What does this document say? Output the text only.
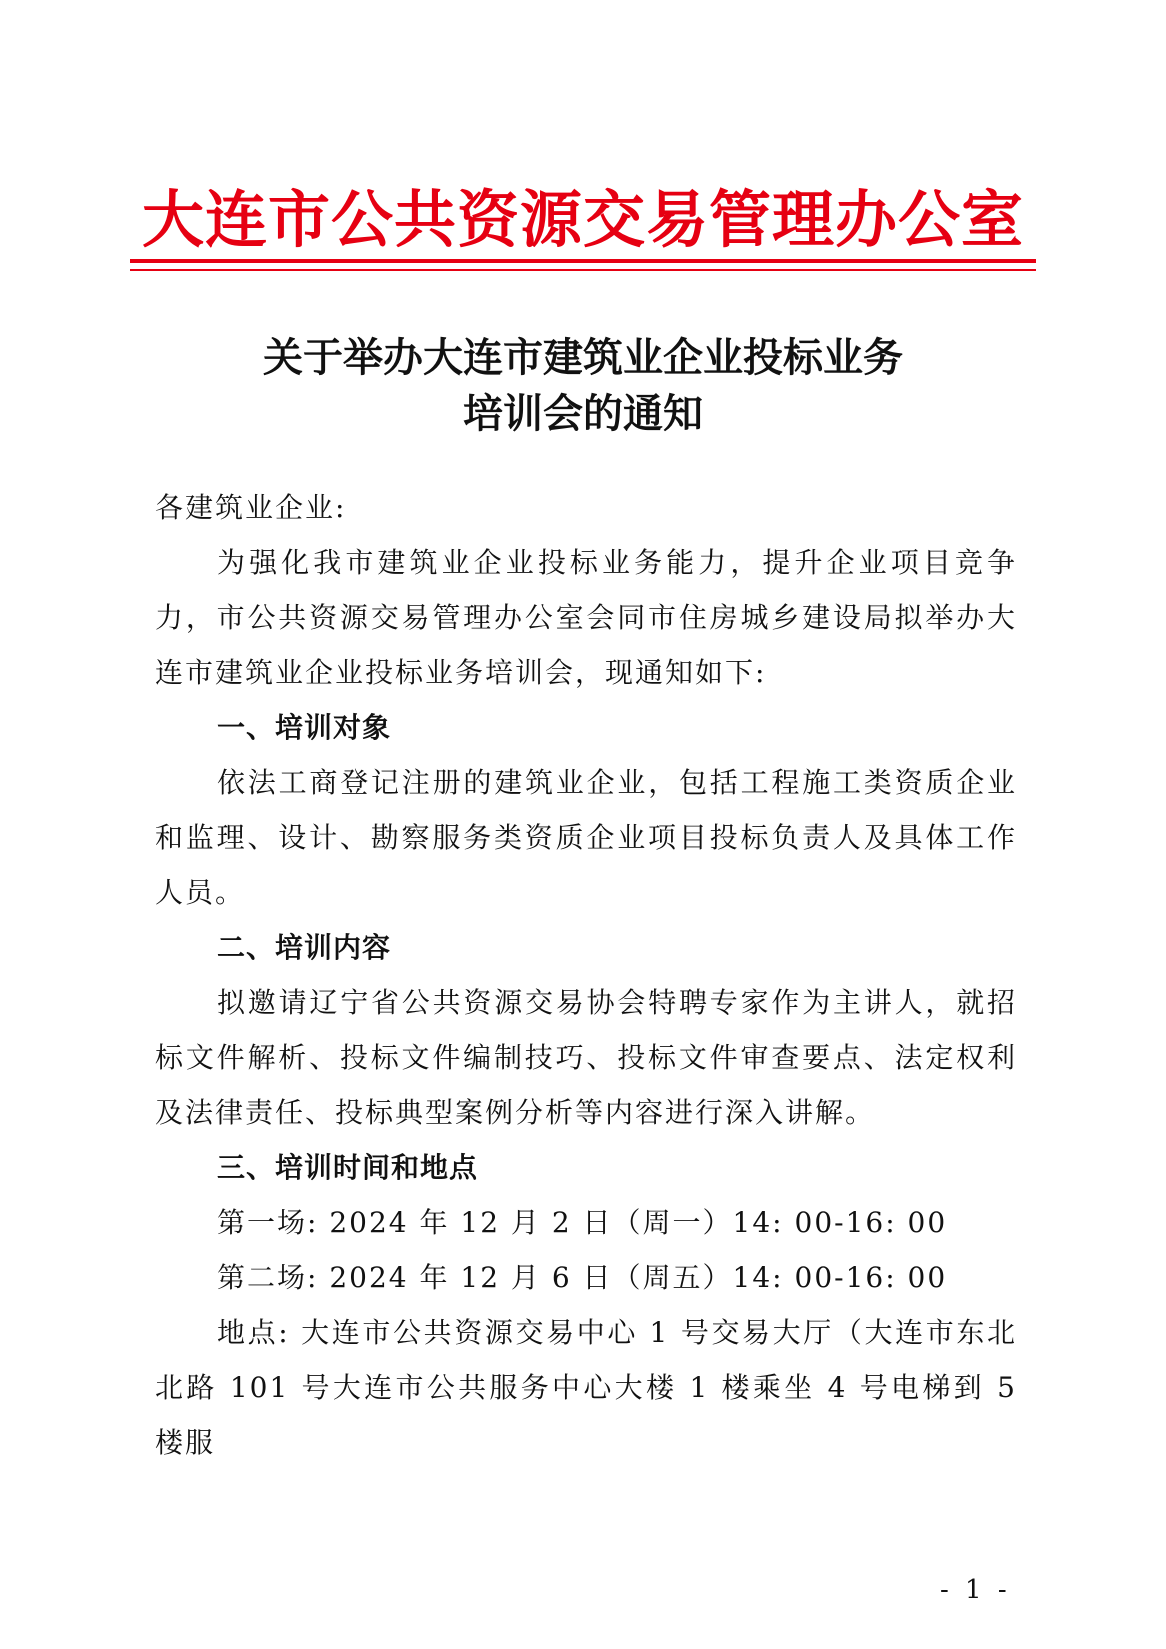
大连市公共资源交易管理办公室
关于举办大连市建筑业企业投标业务
培训会的通知
各建筑业企业:
为强化我市建筑业企业投标业务能力，提升企业项目竞争力，市公共资源交易管理办公室会同市住房城乡建设局拟举办大连市建筑业企业投标业务培训会，现通知如下:
一、培训对象
依法工商登记注册的建筑业企业，包括工程施工类资质企业和监理、设计、勘察服务类资质企业项目投标负责人及具体工作人员。
二、培训内容
拟邀请辽宁省公共资源交易协会特聘专家作为主讲人，就招标文件解析、投标文件编制技巧、投标文件审查要点、法定权利及法律责任、投标典型案例分析等内容进行深入讲解。
三、培训时间和地点
第一场: 2024 年 12 月 2 日（周一）14: 00-16: 00
第二场: 2024 年 12 月 6 日（周五）14: 00-16: 00
地点: 大连市公共资源交易中心 1 号交易大厅（大连市东北北路 101 号大连市公共服务中心大楼 1 楼乘坐 4 号电梯到 5 楼服
- 1 -
